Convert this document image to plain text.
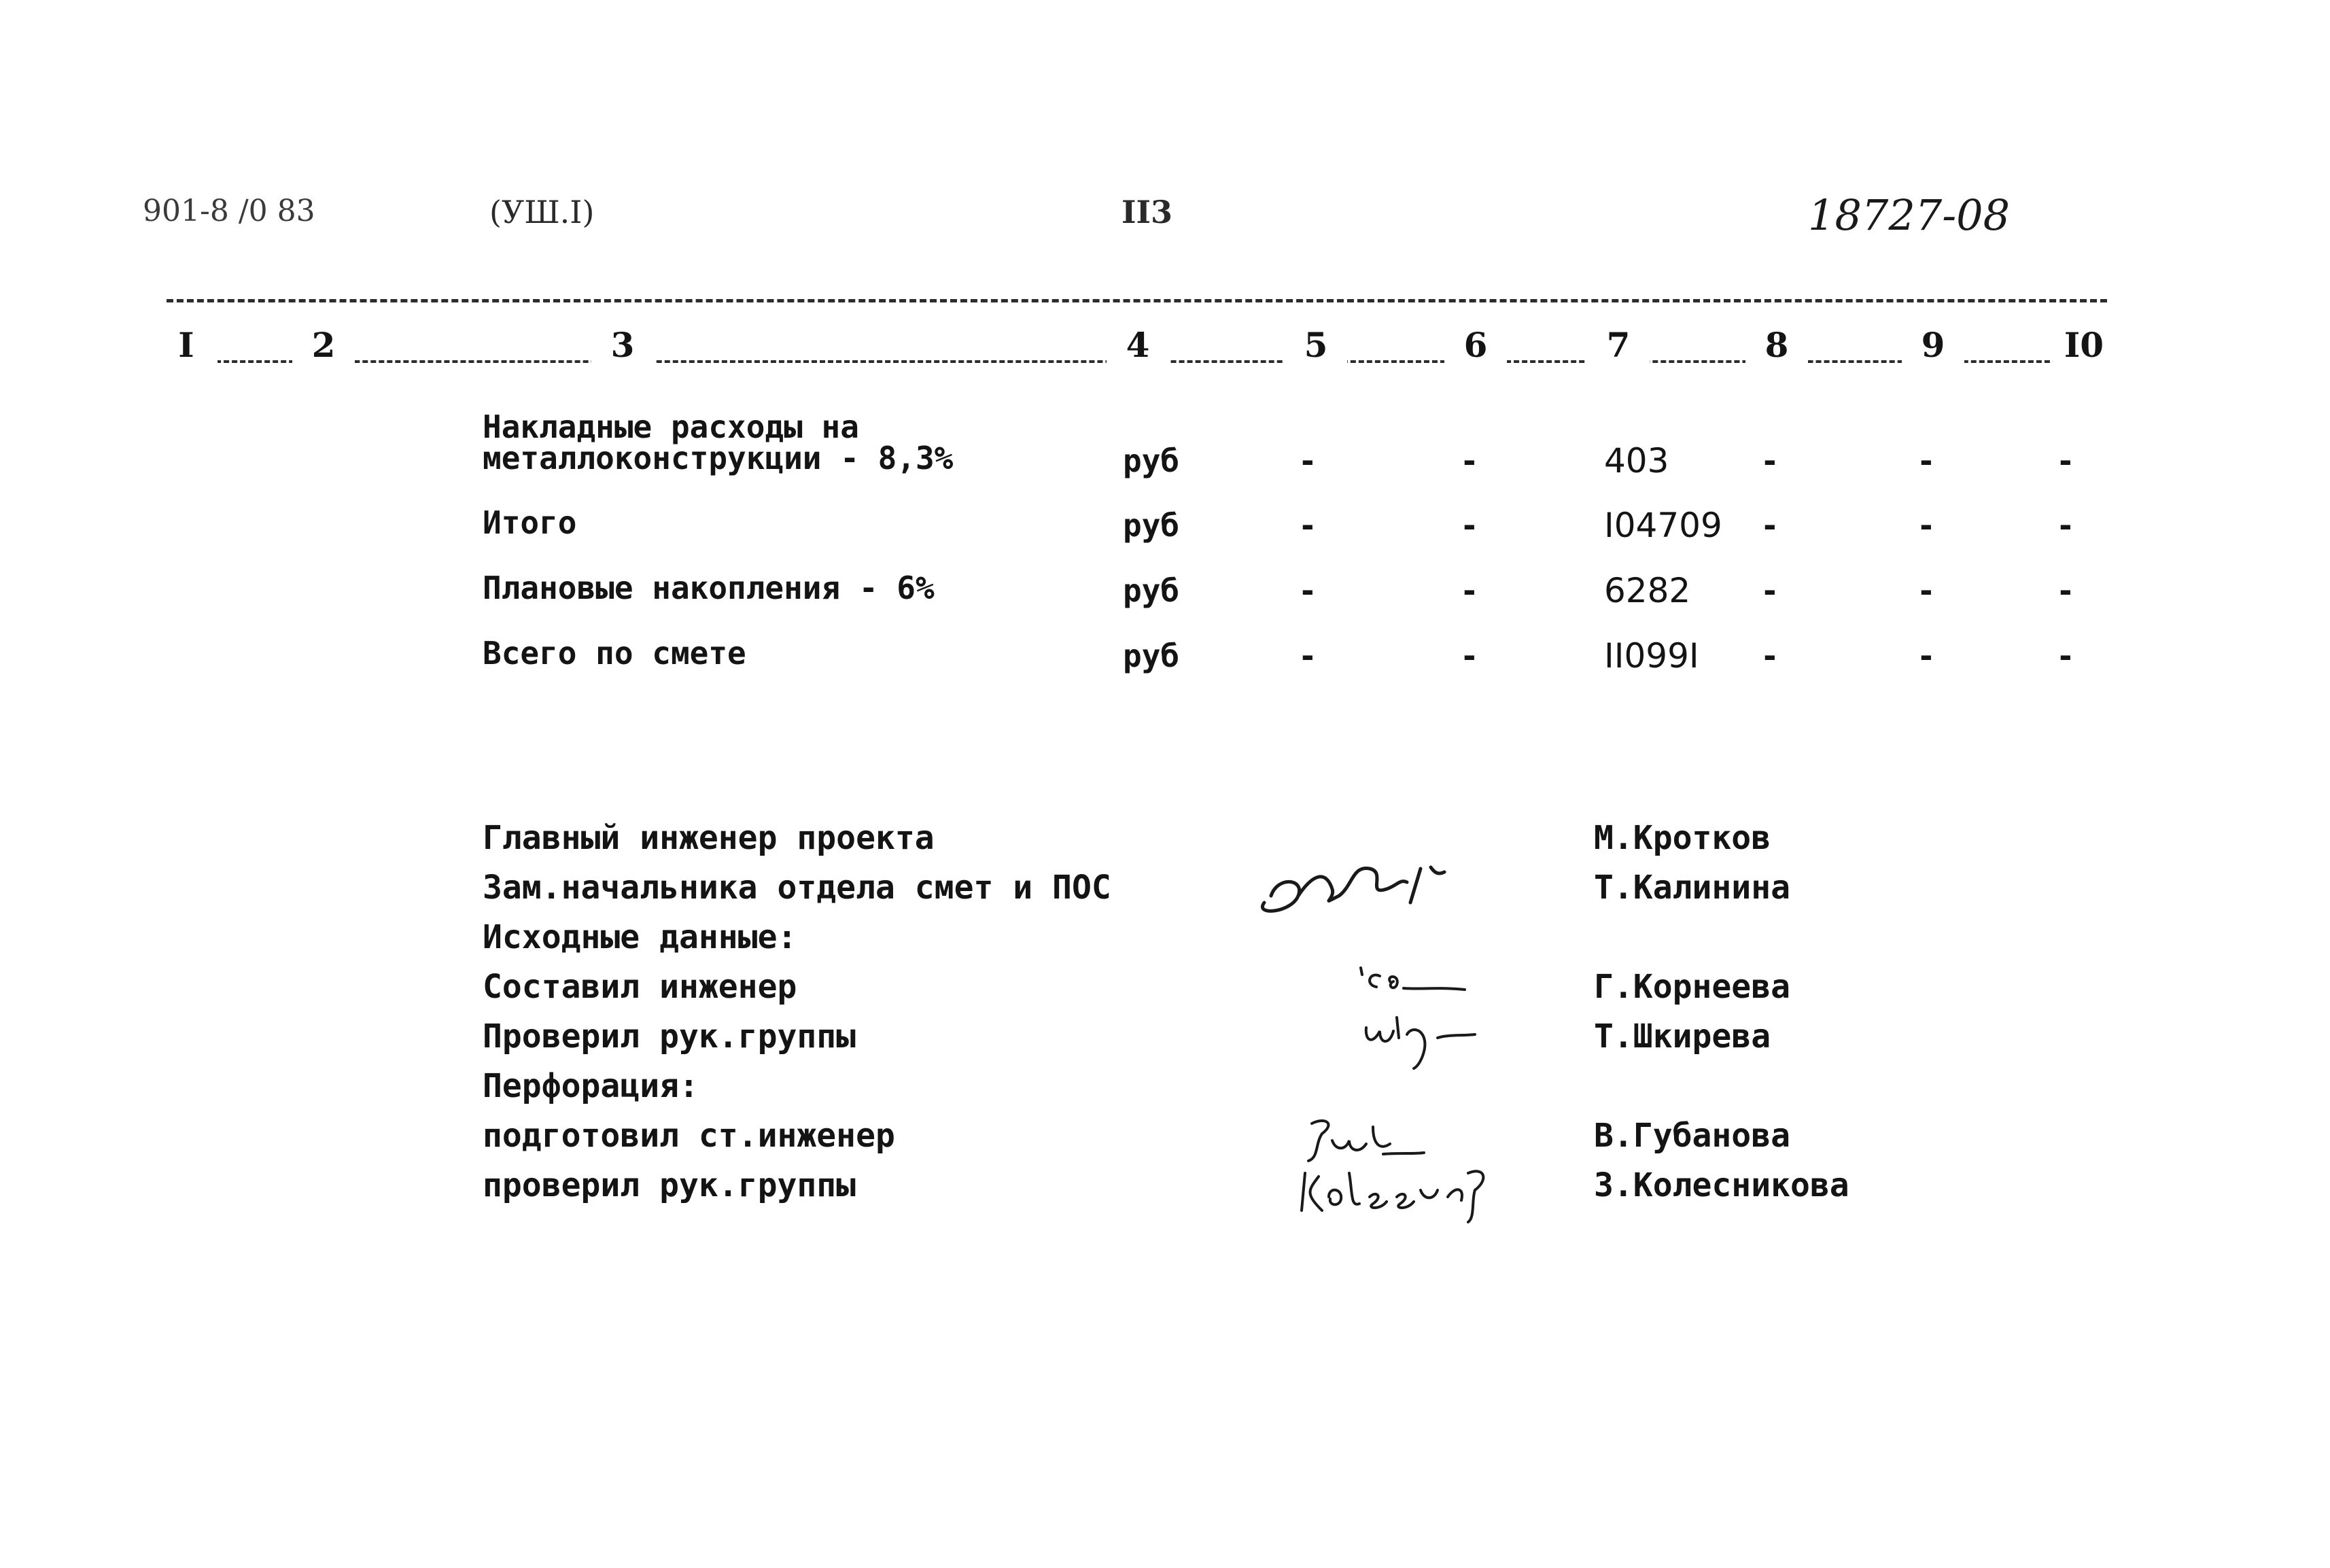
901-8 /0 83	(УШ.I)	II3	18727-08
I	2	3	4	5	6	7	8	9	I0
Накладные расходы на
металлоконструкции - 8,3%	руб	-	-	403	-	-	-
Итого	руб	-	-	I04709 -	-	-
Плановые накопления - 6%	руб	-	-	6282 -	-	-
Всего по смете	руб	-	-	II099I -	-	-
Главный инженер проекта	М.Кротков
Зам.начальника отдела смет и ПОС	Т.Калинина
Исходные данные:
Составил инженер	Г.Корнеева
Проверил рук.группы	Т.Шкирева
Перфорация:
подготовил ст.инженер	В.Губанова
проверил рук.группы	З.Колесникова
